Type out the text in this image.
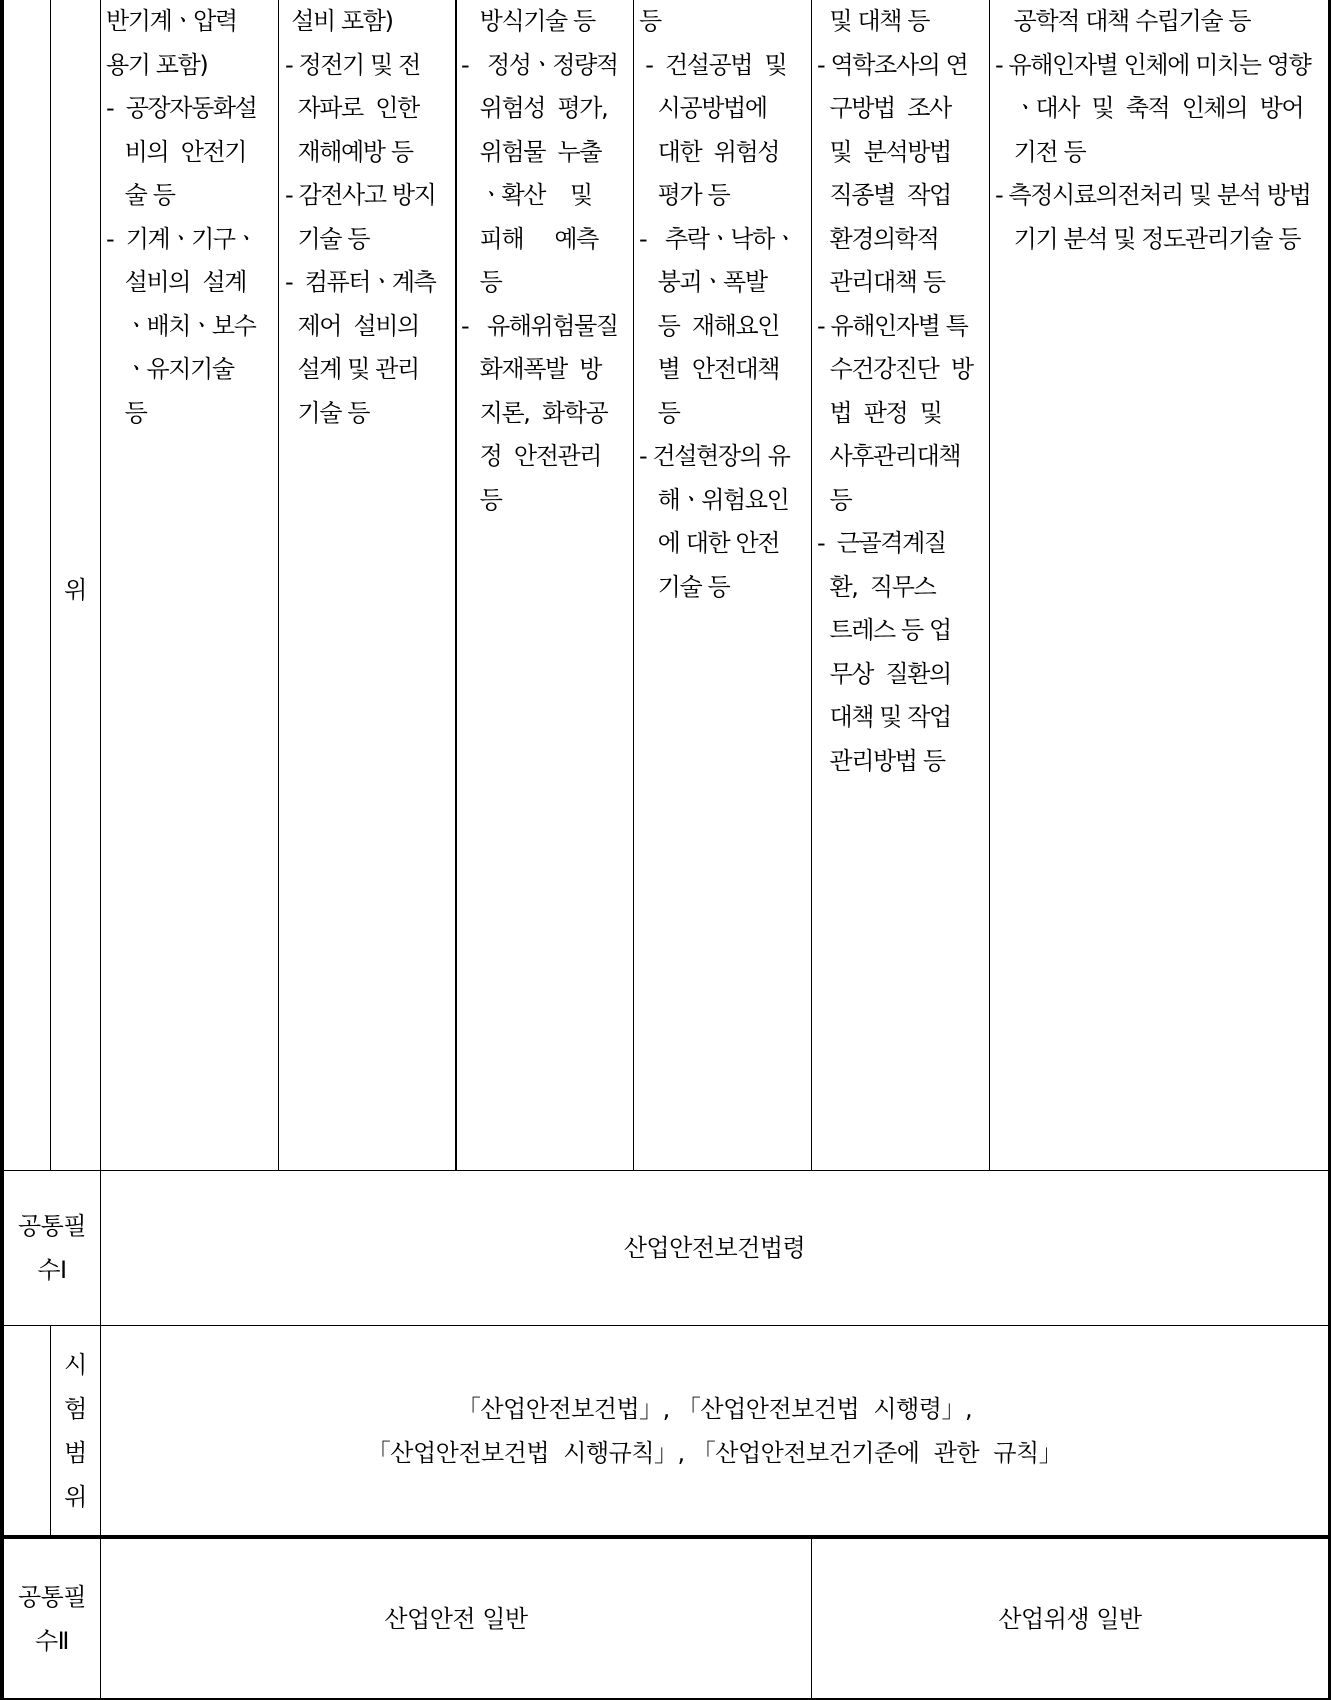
위
반기계ㆍ압력
용기 포함)
-  공장자동화설
비의  안전기
술 등
-  기계ㆍ기구ㆍ
설비의  설계
ㆍ배치ㆍ보수
ㆍ유지기술
등
설비 포함)
- 정전기 및 전
자파로  인한
재해예방 등
- 감전사고 방지
기술 등
-  컴퓨터ㆍ계측
제어  설비의
설계 및 관리
기술 등
방식기술 등
-   정성ㆍ정량적
위험성  평가,
위험물  누출
ㆍ확산    및
피해     예측
등
-   유해위험물질
화재폭발  방
지론,  화학공
정  안전관리
등
등
-  건설공법  및
시공방법에
대한  위험성
평가 등
-   추락ㆍ낙하ㆍ
붕괴ㆍ폭발
등  재해요인
별  안전대책
등
- 건설현장의 유
해ㆍ위험요인
에 대한 안전
기술 등
및 대책 등
- 역학조사의 연
구방법  조사
및  분석방법
직종별  작업
환경의학적
관리대책 등
- 유해인자별 특
수건강진단  방
법  판정  및
사후관리대책
등
-  근골격계질
환,  직무스
트레스 등 업
무상  질환의
대책 및 작업
관리방법 등
공학적 대책 수립기술 등
- 유해인자별 인체에 미치는 영향
ㆍ대사  및  축적  인체의  방어
기전 등
- 측정시료의전처리 및 분석 방법
기기 분석 및 정도관리기술 등
공통필
수Ⅰ
산업안전보건법령
시
험
범
위
「산업안전보건법」, 「산업안전보건법  시행령」,
「산업안전보건법  시행규칙」, 「산업안전보건기준에  관한  규칙」
공통필
수Ⅱ
산업안전 일반	산업위생 일반
